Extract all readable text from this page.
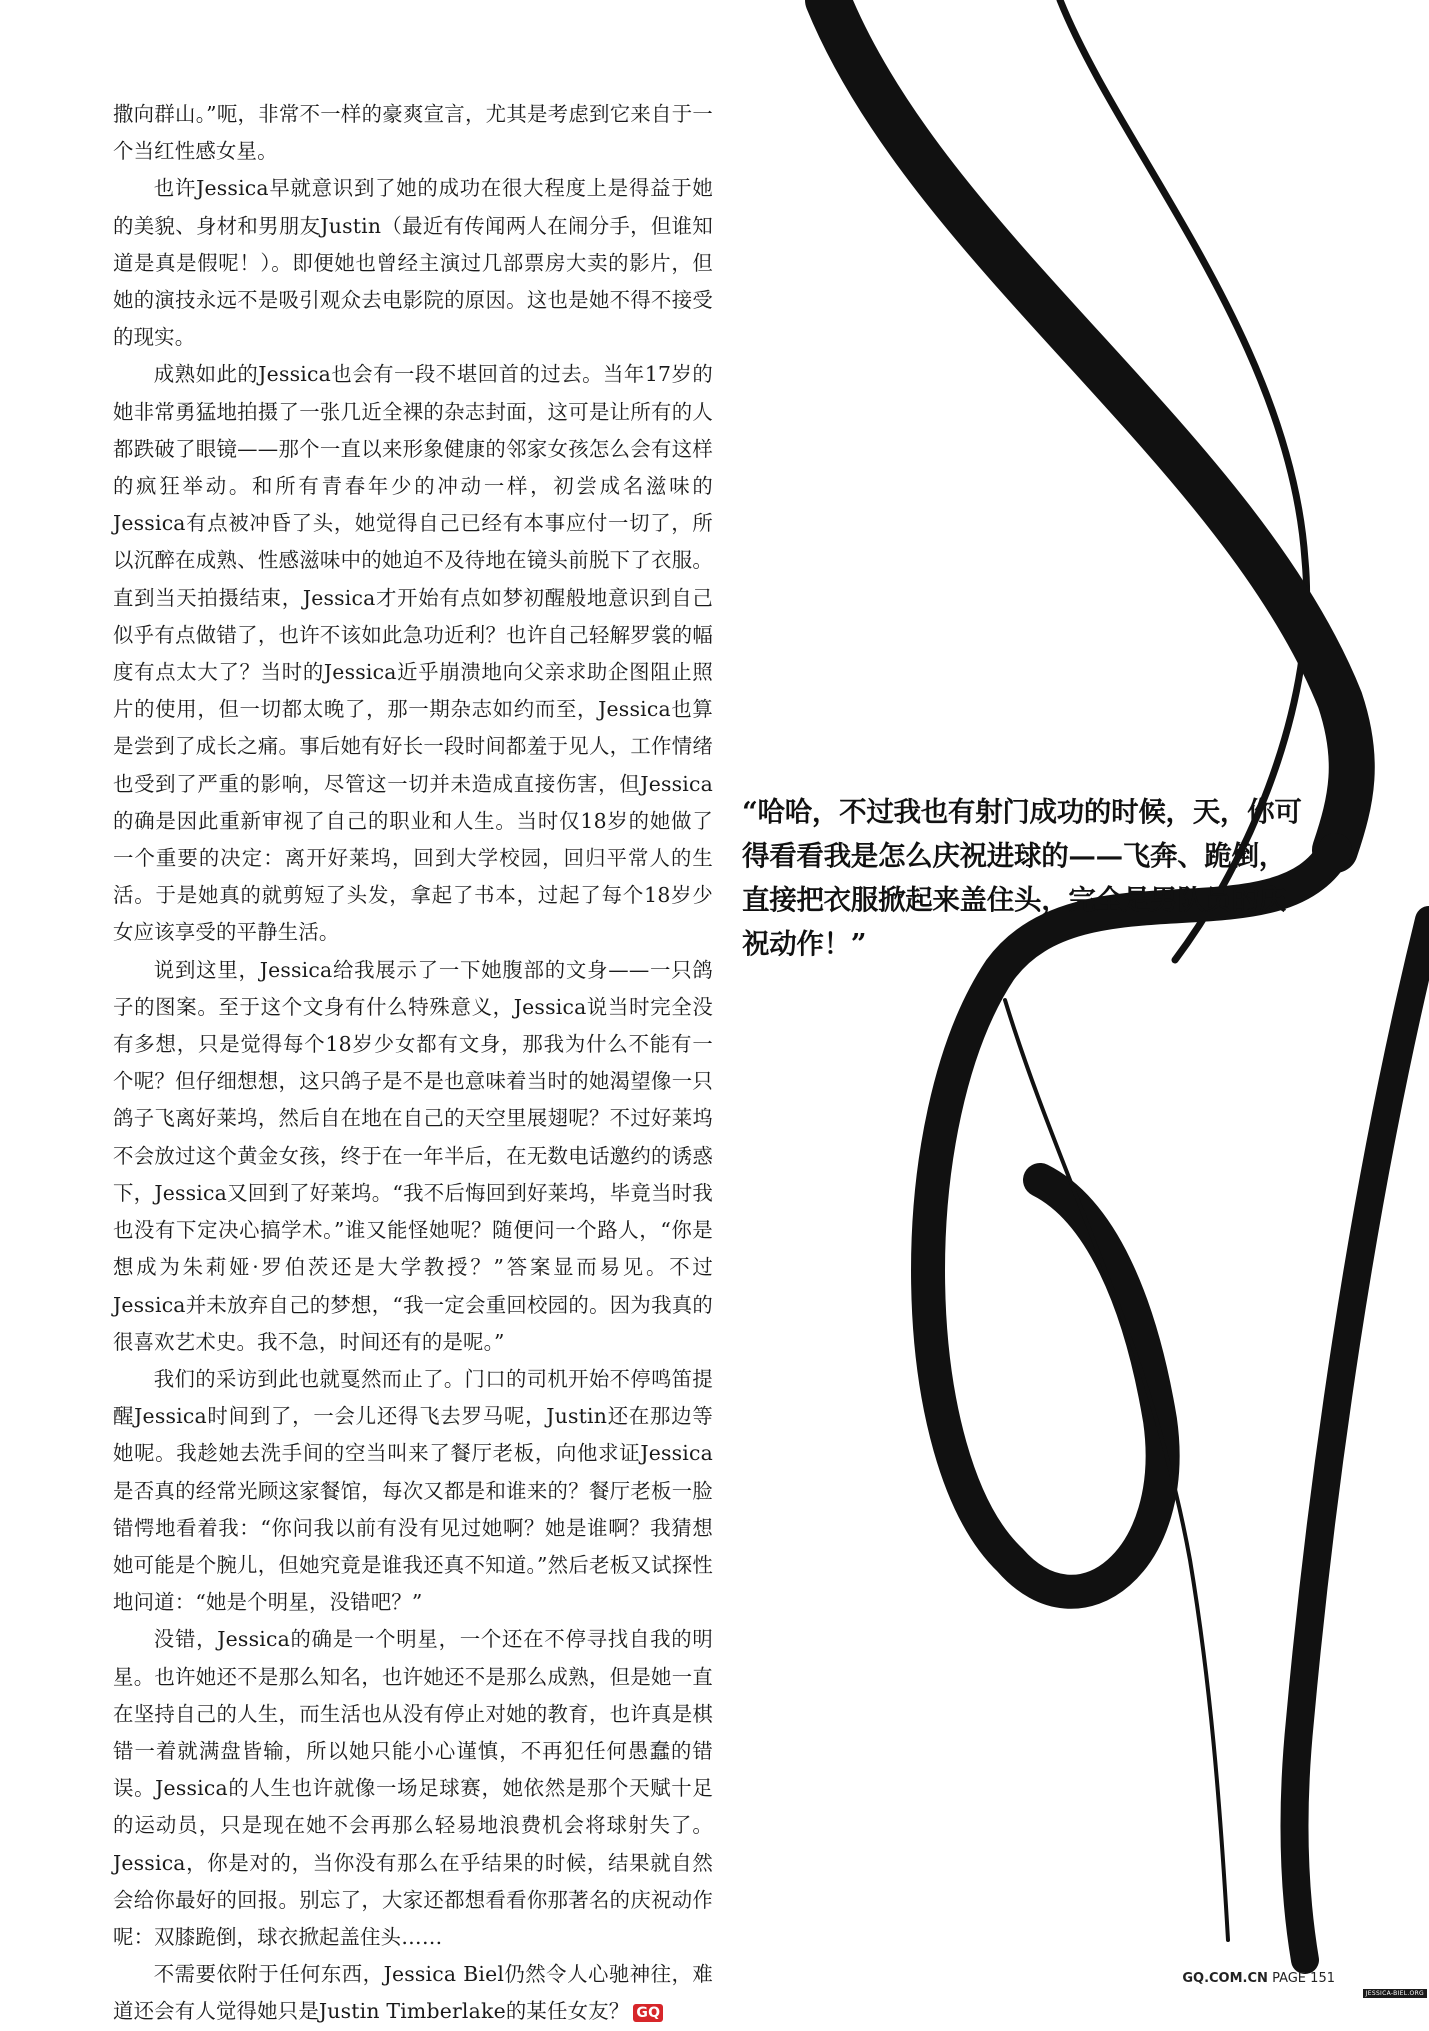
撒向群山。”呃，非常不一样的豪爽宣言，尤其是考虑到它来自于一个当红性感女星。

也许Jessica早就意识到了她的成功在很大程度上是得益于她的美貌、身材和男朋友Justin（最近有传闻两人在闹分手，但谁知道是真是假呢！）。即便她也曾经主演过几部票房大卖的影片，但她的演技永远不是吸引观众去电影院的原因。这也是她不得不接受的现实。

成熟如此的Jessica也会有一段不堪回首的过去。当年17岁的她非常勇猛地拍摄了一张几近全裸的杂志封面，这可是让所有的人都跌破了眼镜——那个一直以来形象健康的邻家女孩怎么会有这样的疯狂举动。和所有青春年少的冲动一样，初尝成名滋味的Jessica有点被冲昏了头，她觉得自己已经有本事应付一切了，所以沉醉在成熟、性感滋味中的她迫不及待地在镜头前脱下了衣服。直到当天拍摄结束，Jessica才开始有点如梦初醒般地意识到自己似乎有点做错了，也许不该如此急功近利？也许自己轻解罗裳的幅度有点太大了？当时的Jessica近乎崩溃地向父亲求助企图阻止照片的使用，但一切都太晚了，那一期杂志如约而至，Jessica也算是尝到了成长之痛。事后她有好长一段时间都羞于见人，工作情绪也受到了严重的影响，尽管这一切并未造成直接伤害，但Jessica的确是因此重新审视了自己的职业和人生。当时仅18岁的她做了一个重要的决定：离开好莱坞，回到大学校园，回归平常人的生活。于是她真的就剪短了头发，拿起了书本，过起了每个18岁少女应该享受的平静生活。

说到这里，Jessica给我展示了一下她腹部的文身——一只鸽子的图案。至于这个文身有什么特殊意义，Jessica说当时完全没有多想，只是觉得每个18岁少女都有文身，那我为什么不能有一个呢？但仔细想想，这只鸽子是不是也意味着当时的她渴望像一只鸽子飞离好莱坞，然后自在地在自己的天空里展翅呢？不过好莱坞不会放过这个黄金女孩，终于在一年半后，在无数电话邀约的诱惑下，Jessica又回到了好莱坞。“我不后悔回到好莱坞，毕竟当时我也没有下定决心搞学术。”谁又能怪她呢？随便问一个路人，“你是想成为朱莉娅·罗伯茨还是大学教授？”答案显而易见。不过Jessica并未放弃自己的梦想，“我一定会重回校园的。因为我真的很喜欢艺术史。我不急，时间还有的是呢。”

我们的采访到此也就戛然而止了。门口的司机开始不停鸣笛提醒Jessica时间到了，一会儿还得飞去罗马呢，Justin还在那边等她呢。我趁她去洗手间的空当叫来了餐厅老板，向他求证Jessica是否真的经常光顾这家餐馆，每次又都是和谁来的？餐厅老板一脸错愕地看着我：“你问我以前有没有见过她啊？她是谁啊？我猜想她可能是个腕儿，但她究竟是谁我还真不知道。”然后老板又试探性地问道：“她是个明星，没错吧？”

没错，Jessica的确是一个明星，一个还在不停寻找自我的明星。也许她还不是那么知名，也许她还不是那么成熟，但是她一直在坚持自己的人生，而生活也从没有停止对她的教育，也许真是棋错一着就满盘皆输，所以她只能小心谨慎，不再犯任何愚蠢的错误。Jessica的人生也许就像一场足球赛，她依然是那个天赋十足的运动员，只是现在她不会再那么轻易地浪费机会将球射失了。Jessica，你是对的，当你没有那么在乎结果的时候，结果就自然会给你最好的回报。别忘了，大家还都想看看你那著名的庆祝动作呢：双膝跪倒，球衣掀起盖住头……

不需要依附于任何东西，Jessica Biel仍然令人心驰神往，难道还会有人觉得她只是Justin Timberlake的某任女友？ GQ

“哈哈，不过我也有射门成功的时候，天，你可得看看我是怎么庆祝进球的——飞奔、跪倒，直接把衣服掀起来盖住头，完全是男队员的庆祝动作！”
GQ.COM.CN PAGE 151
JESSICA-BIEL.ORG
